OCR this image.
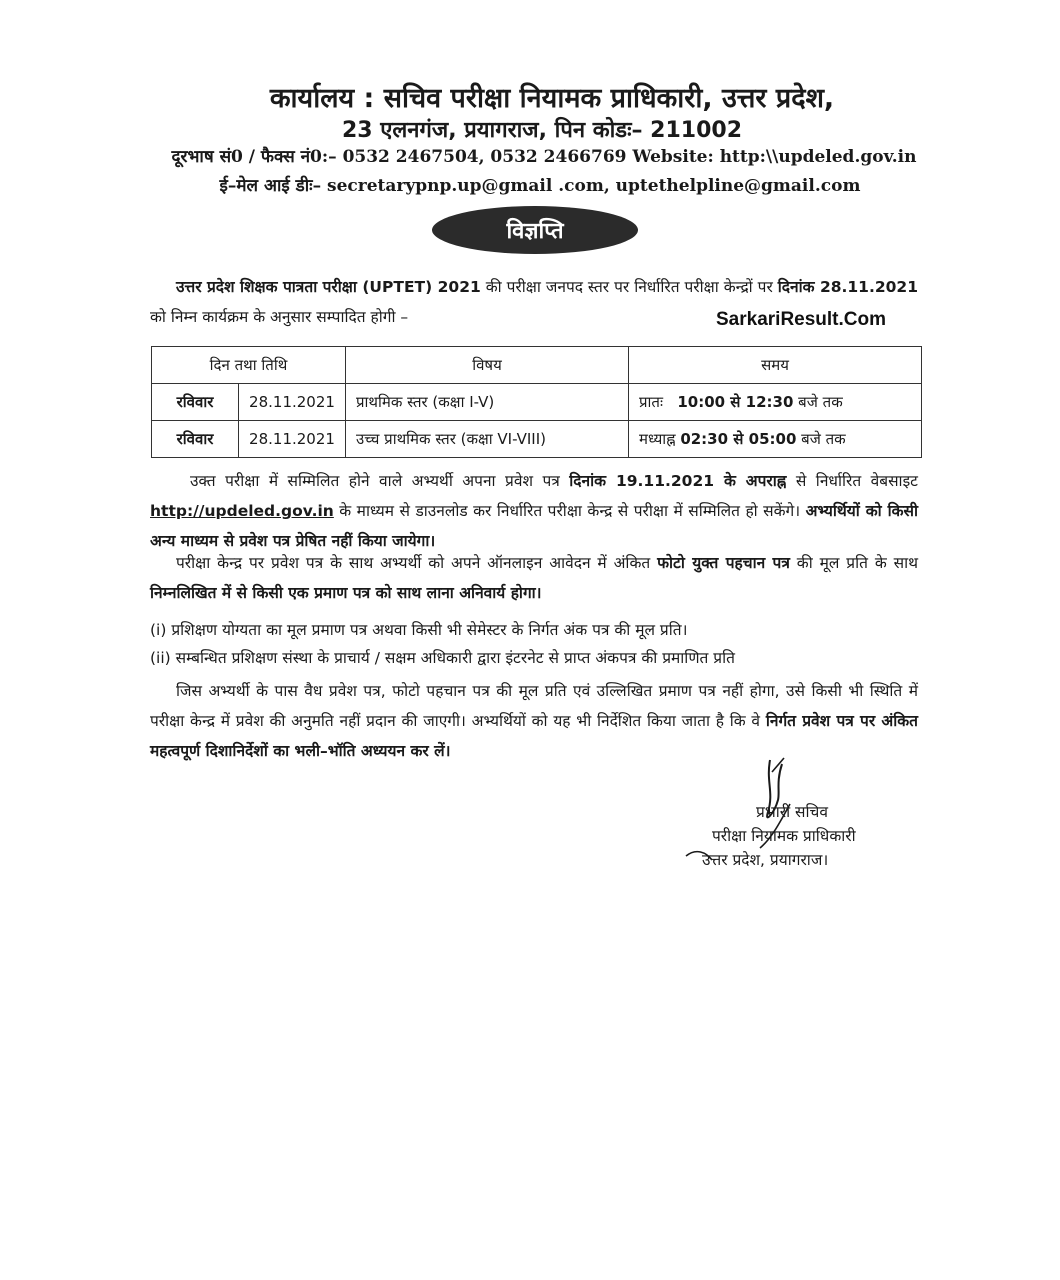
कार्यालय : सचिव परीक्षा नियामक प्राधिकारी, उत्तर प्रदेश,
23 एलनगंज, प्रयागराज, पिन कोडः– 211002
दूरभाष सं0 / फैक्स नं0:– 0532 2467504, 0532 2466769 Website: http:\\updeled.gov.in
ई–मेल आई डीः– secretarypnp.up@gmail .com, uptethelpline@gmail.com
विज्ञप्ति
उत्तर प्रदेश शिक्षक पात्रता परीक्षा (UPTET) 2021 की परीक्षा जनपद स्तर पर निर्धारित परीक्षा केन्द्रों पर दिनांक 28.11.2021 को निम्न कार्यक्रम के अनुसार सम्पादित होगी –	SarkariResult.Com
दिन तथा तिथि		विषय	समय
रविवार	28.11.2021	प्राथमिक स्तर (कक्षा I-V)	प्रातः 10:00 से 12:30 बजे तक
रविवार	28.11.2021	उच्च प्राथमिक स्तर (कक्षा VI-VIII)	मध्याह्न 02:30 से 05:00 बजे तक
उक्त परीक्षा में सम्मिलित होने वाले अभ्यर्थी अपना प्रवेश पत्र दिनांक 19.11.2021 के अपराह्न से निर्धारित वेबसाइट http://updeled.gov.in के माध्यम से डाउनलोड कर निर्धारित परीक्षा केन्द्र से परीक्षा में सम्मिलित हो सकेंगे। अभ्यर्थियों को किसी अन्य माध्यम से प्रवेश पत्र प्रेषित नहीं किया जायेगा।
परीक्षा केन्द्र पर प्रवेश पत्र के साथ अभ्यर्थी को अपने ऑनलाइन आवेदन में अंकित फोटो युक्त पहचान पत्र की मूल प्रति के साथ निम्नलिखित में से किसी एक प्रमाण पत्र को साथ लाना अनिवार्य होगा।
(i) प्रशिक्षण योग्यता का मूल प्रमाण पत्र अथवा किसी भी सेमेस्टर के निर्गत अंक पत्र की मूल प्रति।
(ii) सम्बन्धित प्रशिक्षण संस्था के प्राचार्य / सक्षम अधिकारी द्वारा इंटरनेट से प्राप्त अंकपत्र की प्रमाणित प्रति
जिस अभ्यर्थी के पास वैध प्रवेश पत्र, फोटो पहचान पत्र की मूल प्रति एवं उल्लिखित प्रमाण पत्र नहीं होगा, उसे किसी भी स्थिति में परीक्षा केन्द्र में प्रवेश की अनुमति नहीं प्रदान की जाएगी। अभ्यर्थियों को यह भी निर्देशित किया जाता है कि वे निर्गत प्रवेश पत्र पर अंकित महत्वपूर्ण दिशानिर्देशों का भली–भॉति अध्ययन कर लें।
प्रभारी सचिव
परीक्षा नियामक प्राधिकारी
उत्तर प्रदेश, प्रयागराज।
